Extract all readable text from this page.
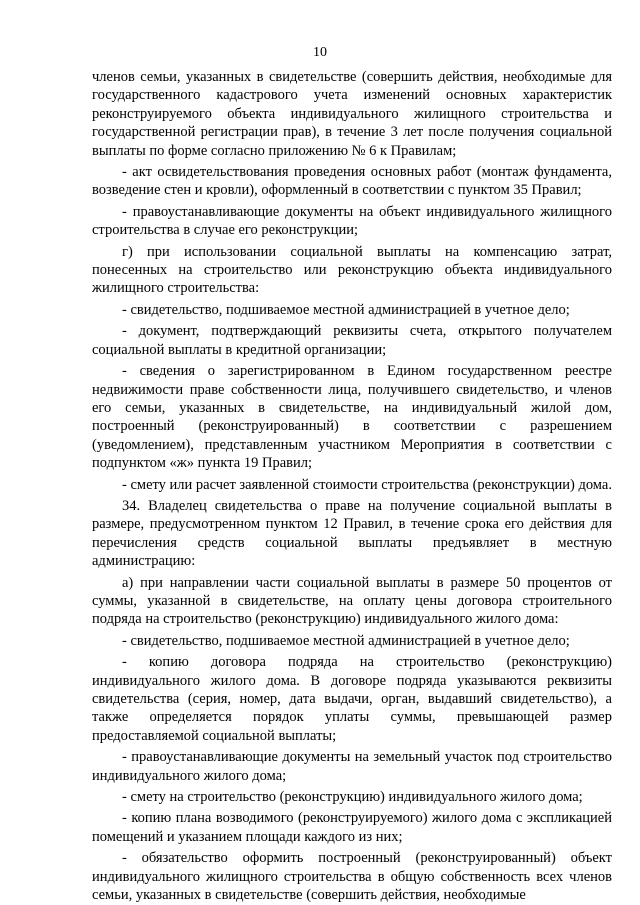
10

членов семьи, указанных в свидетельстве (совершить действия, необходимые для государственного кадастрового учета изменений основных характеристик реконструируемого объекта индивидуального жилищного строительства и государственной регистрации прав), в течение 3 лет после получения социальной выплаты по форме согласно приложению № 6 к Правилам;

- акт освидетельствования проведения основных работ (монтаж фундамента, возведение стен и кровли), оформленный в соответствии с пунктом 35 Правил;

- правоустанавливающие документы на объект индивидуального жилищного строительства в случае его реконструкции;

г) при использовании социальной выплаты на компенсацию затрат, понесенных на строительство или реконструкцию объекта индивидуального жилищного строительства:

- свидетельство, подшиваемое местной администрацией в учетное дело;

- документ, подтверждающий реквизиты счета, открытого получателем социальной выплаты в кредитной организации;

- сведения о зарегистрированном в Едином государственном реестре недвижимости праве собственности лица, получившего свидетельство, и членов его семьи, указанных в свидетельстве, на индивидуальный жилой дом, построенный (реконструированный) в соответствии с разрешением (уведомлением), представленным участником Мероприятия в соответствии с подпунктом «ж» пункта 19 Правил;

- смету или расчет заявленной стоимости строительства (реконструкции) дома.

34. Владелец свидетельства о праве на получение социальной выплаты в размере, предусмотренном пунктом 12 Правил, в течение срока его действия для перечисления средств социальной выплаты предъявляет в местную администрацию:

а) при направлении части социальной выплаты в размере 50 процентов от суммы, указанной в свидетельстве, на оплату цены договора строительного подряда на строительство (реконструкцию) индивидуального жилого дома:

- свидетельство, подшиваемое местной администрацией в учетное дело;

- копию договора подряда на строительство (реконструкцию) индивидуального жилого дома. В договоре подряда указываются реквизиты свидетельства (серия, номер, дата выдачи, орган, выдавший свидетельство), а также определяется порядок уплаты суммы, превышающей размер предоставляемой социальной выплаты;

- правоустанавливающие документы на земельный участок под строительство индивидуального жилого дома;

- смету на строительство (реконструкцию) индивидуального жилого дома;

- копию плана возводимого (реконструируемого) жилого дома с экспликацией помещений и указанием площади каждого из них;

- обязательство оформить построенный (реконструированный) объект индивидуального жилищного строительства в общую собственность всех членов семьи, указанных в свидетельстве (совершить действия, необходимые
